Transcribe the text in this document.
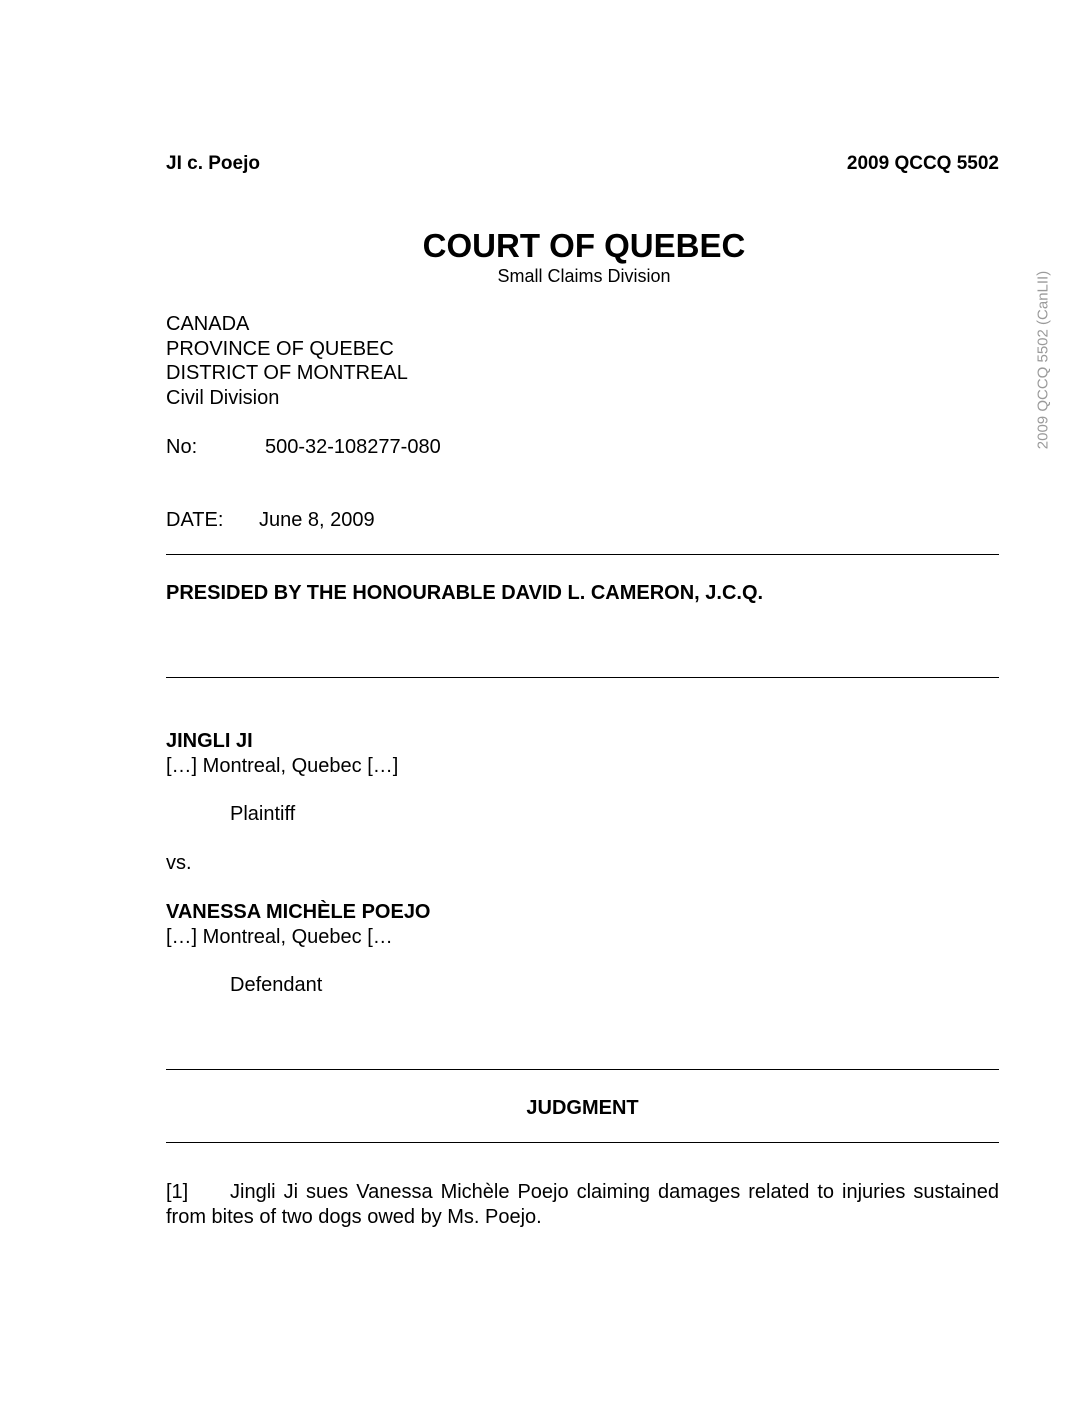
JI c. Poejo	2009 QCCQ 5502
COURT OF QUEBEC
Small Claims Division
CANADA
PROVINCE OF QUEBEC
DISTRICT OF MONTREAL
Civil Division
No:	500-32-108277-080
DATE: June 8, 2009
PRESIDED BY THE HONOURABLE DAVID L. CAMERON, J.C.Q.
JINGLI JI
[…] Montreal, Quebec […]
Plaintiff
vs.
VANESSA MICHÈLE POEJO
[…] Montreal, Quebec […
Defendant
JUDGMENT
[1] Jingli Ji sues Vanessa Michèle Poejo claiming damages related to injuries sustained from bites of two dogs owed by Ms. Poejo.
2009 QCCQ 5502 (CanLII)
